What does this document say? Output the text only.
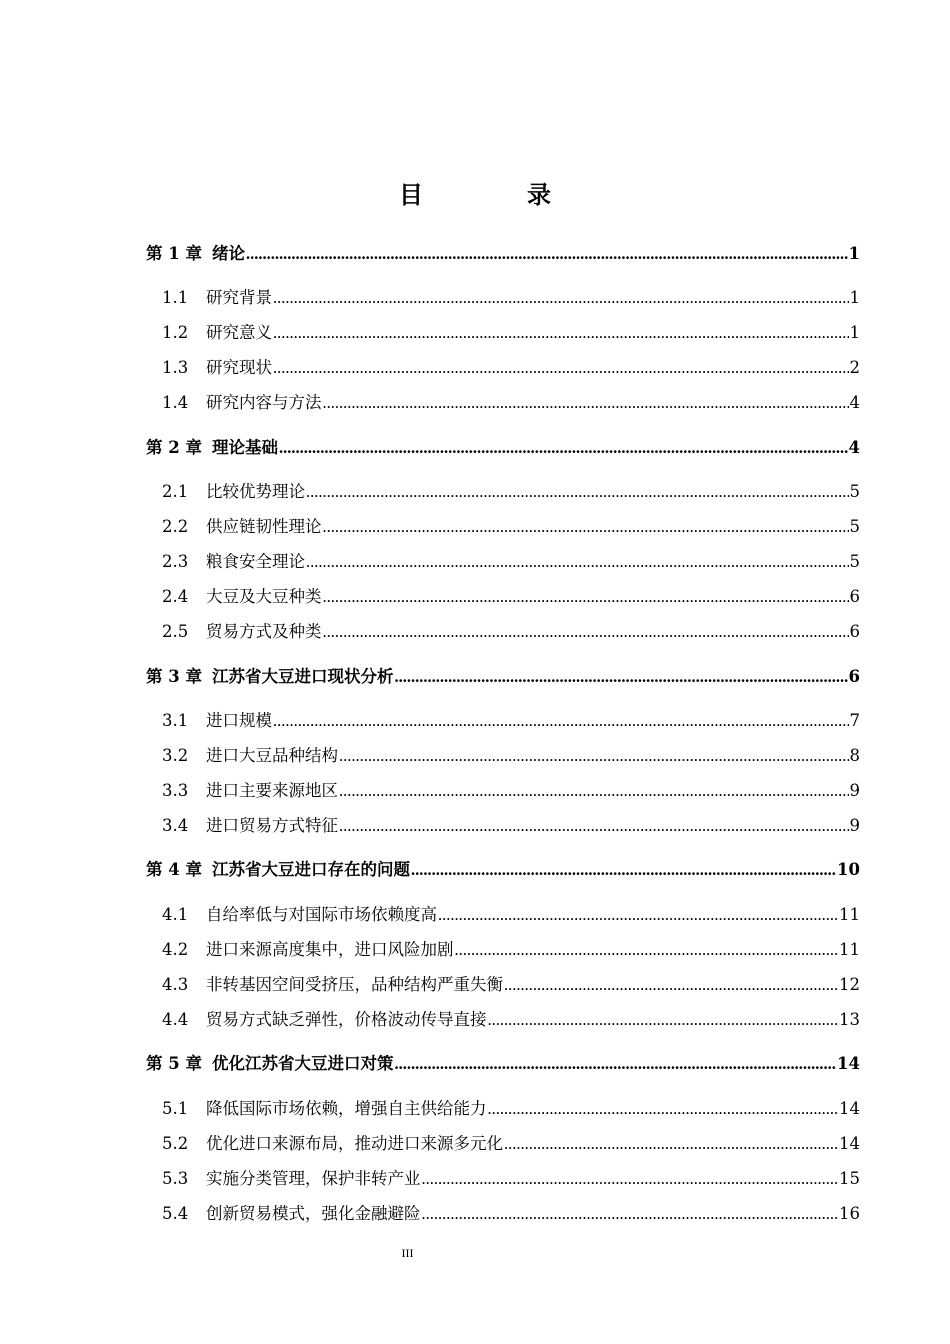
目　录
第 1 章 绪论 .....	1
1.1	研究背景 .....	1
1.2	研究意义 .....	1
1.3	研究现状 .....	2
1.4	研究内容与方法 .....	4
第 2 章 理论基础 .....	4
2.1	比较优势理论 .....	5
2.2	供应链韧性理论 .....	5
2.3	粮食安全理论 .....	5
2.4	大豆及大豆种类 .....	6
2.5	贸易方式及种类 .....	6
第 3 章 江苏省大豆进口现状分析 .....	6
3.1	进口规模 .....	7
3.2	进口大豆品种结构 .....	8
3.3	进口主要来源地区 .....	9
3.4	进口贸易方式特征 .....	9
第 4 章 江苏省大豆进口存在的问题 .....	10
4.1	自给率低与对国际市场依赖度高 .....	11
4.2	进口来源高度集中，进口风险加剧 .....	11
4.3	非转基因空间受挤压，品种结构严重失衡 .....	12
4.4	贸易方式缺乏弹性，价格波动传导直接 .....	13
第 5 章 优化江苏省大豆进口对策 .....	14
5.1	降低国际市场依赖，增强自主供给能力 .....	14
5.2	优化进口来源布局，推动进口来源多元化 .....	14
5.3	实施分类管理，保护非转产业 .....	15
5.4	创新贸易模式，强化金融避险 .....	16
III
